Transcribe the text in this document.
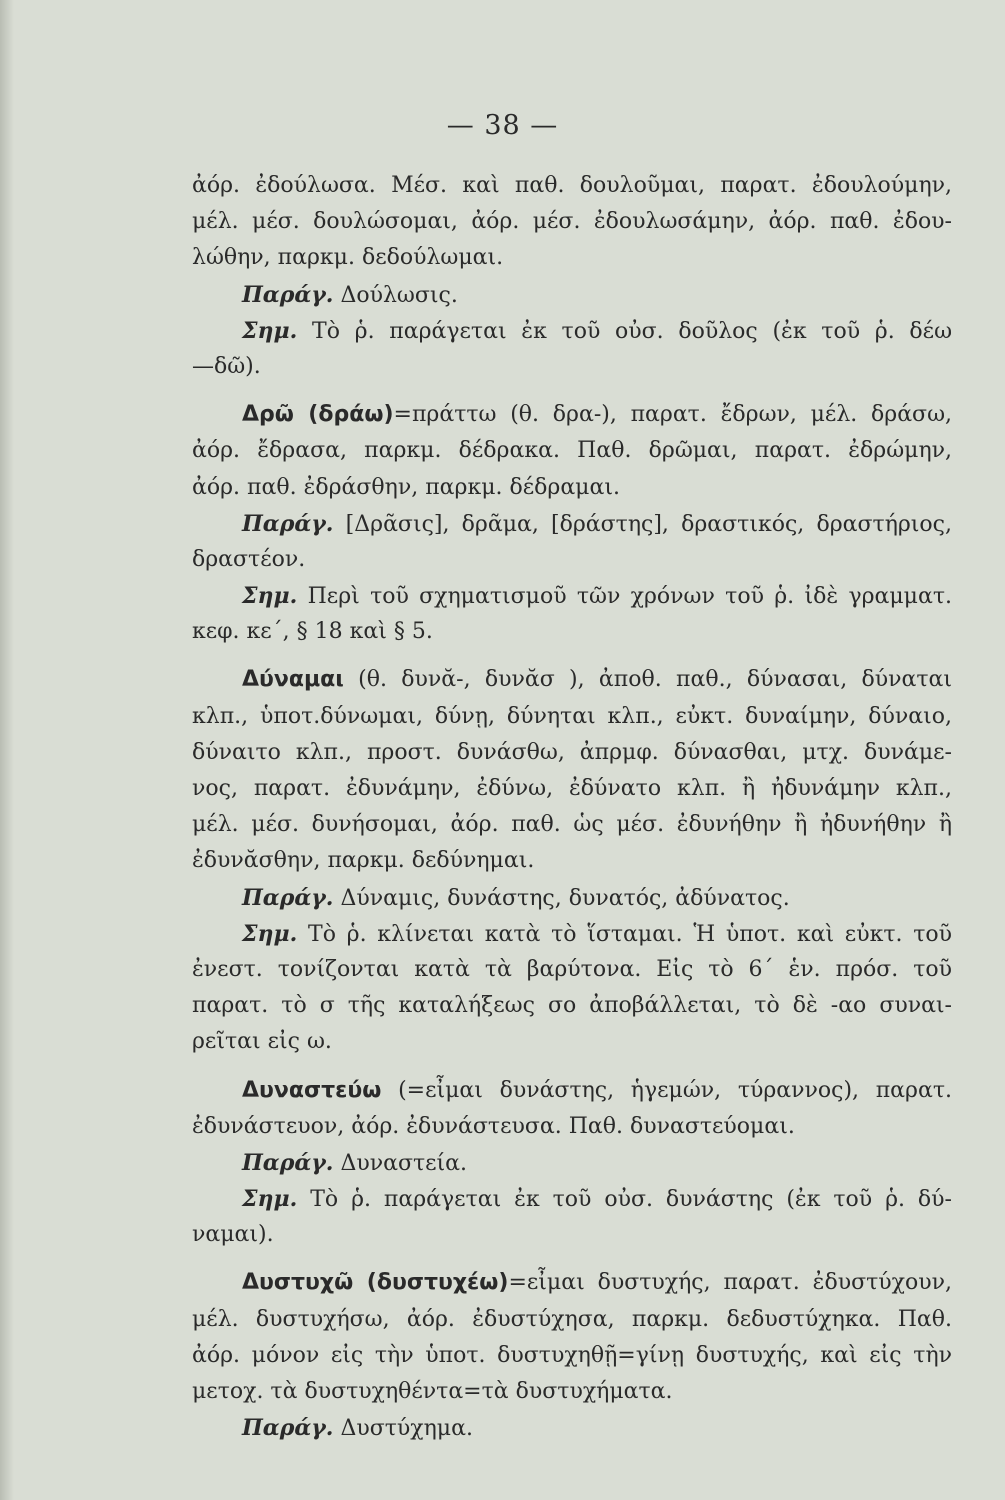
— 38 —
ἀόρ. ἐδούλωσα. Μέσ. καὶ παθ. δουλοῦμαι, παρατ. ἐδουλούμην,
μέλ. μέσ. δουλώσομαι, ἀόρ. μέσ. ἐδουλωσάμην, ἀόρ. παθ. ἐδου-
λώθην, παρκμ. δεδούλωμαι.
Παράγ. Δούλωσις.
Σημ. Τὸ ῥ. παράγεται ἐκ τοῦ οὐσ. δοῦλος (ἐκ τοῦ ῥ. δέω
—δῶ).
Δρῶ (δράω)=πράττω (θ. δρα-), παρατ. ἔδρων, μέλ. δράσω,
ἀόρ. ἔδρασα, παρκμ. δέδρακα. Παθ. δρῶμαι, παρατ. ἐδρώμην,
ἀόρ. παθ. ἐδράσθην, παρκμ. δέδραμαι.
Παράγ. [Δρᾶσις], δρᾶμα, [δράστης], δραστικός, δραστήριος,
δραστέον.
Σημ. Περὶ τοῦ σχηματισμοῦ τῶν χρόνων τοῦ ῥ. ἰδὲ γραμματ.
κεφ. κε΄, § 18 καὶ § 5.
Δύναμαι (θ. δυνᾰ-, δυνᾰσ ), ἀποθ. παθ., δύνασαι, δύναται
κλπ., ὑποτ.δύνωμαι, δύνῃ, δύνηται κλπ., εὐκτ. δυναίμην, δύναιο,
δύναιτο κλπ., προστ. δυνάσθω, ἀπρμφ. δύνασθαι, μτχ. δυνάμε-
νος, παρατ. ἐδυνάμην, ἐδύνω, ἐδύνατο κλπ. ἢ ἠδυνάμην κλπ.,
μέλ. μέσ. δυνήσομαι, ἀόρ. παθ. ὡς μέσ. ἐδυνήθην ἢ ἠδυνήθην ἢ
ἐδυνᾰσθην, παρκμ. δεδύνημαι.
Παράγ. Δύναμις, δυνάστης, δυνατός, ἀδύνατος.
Σημ. Τὸ ῥ. κλίνεται κατὰ τὸ ἵσταμαι. Ἡ ὑποτ. καὶ εὐκτ. τοῦ
ἐνεστ. τονίζονται κατὰ τὰ βαρύτονα. Εἰς τὸ 6΄ ἑν. πρόσ. τοῦ
παρατ. τὸ σ τῆς καταλήξεως σο ἀποβάλλεται, τὸ δὲ -αο συναι-
ρεῖται εἰς ω.
Δυναστεύω (=εἶμαι δυνάστης, ἡγεμών, τύραννος), παρατ.
ἐδυνάστευον, ἀόρ. ἐδυνάστευσα. Παθ. δυναστεύομαι.
Παράγ. Δυναστεία.
Σημ. Τὸ ῥ. παράγεται ἐκ τοῦ οὐσ. δυνάστης (ἐκ τοῦ ῥ. δύ-
ναμαι).
Δυστυχῶ (δυστυχέω)=εἶμαι δυστυχής, παρατ. ἐδυστύχουν,
μέλ. δυστυχήσω, ἀόρ. ἐδυστύχησα, παρκμ. δεδυστύχηκα. Παθ.
ἀόρ. μόνον εἰς τὴν ὑποτ. δυστυχηθῇ=γίνῃ δυστυχής, καὶ εἰς τὴν
μετοχ. τὰ δυστυχηθέντα=τὰ δυστυχήματα.
Παράγ. Δυστύχημα.
